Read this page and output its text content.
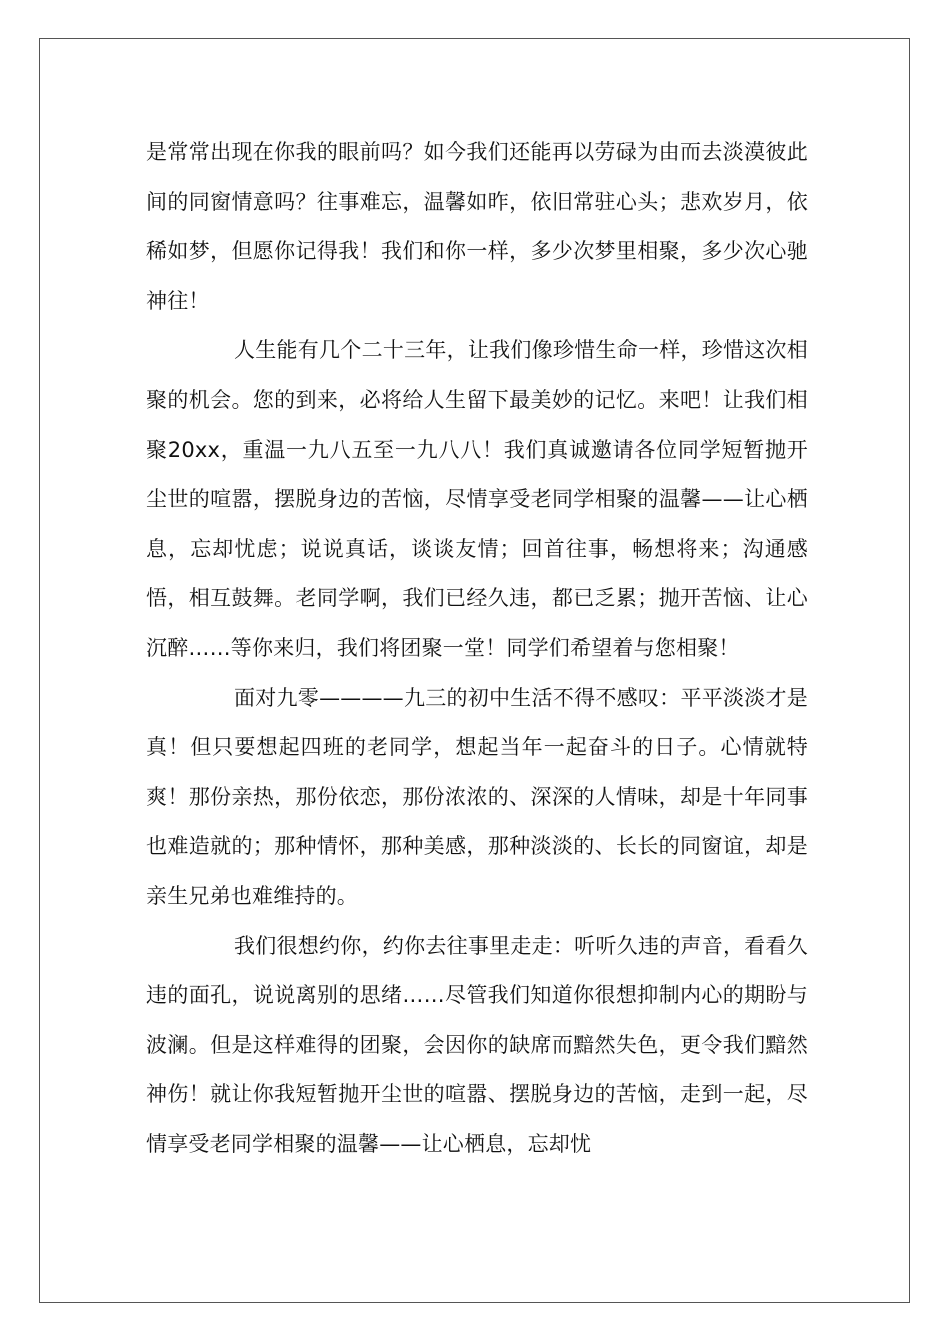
是常常出现在你我的眼前吗？如今我们还能再以劳碌为由而去淡漠彼此间的同窗情意吗？往事难忘，温馨如昨，依旧常驻心头；悲欢岁月，依稀如梦，但愿你记得我！我们和你一样，多少次梦里相聚，多少次心驰神往！

人生能有几个二十三年，让我们像珍惜生命一样，珍惜这次相聚的机会。您的到来，必将给人生留下最美妙的记忆。来吧！让我们相聚20xx，重温一九八五至一九八八！我们真诚邀请各位同学短暂抛开尘世的喧嚣，摆脱身边的苦恼，尽情享受老同学相聚的温馨——让心栖息，忘却忧虑；说说真话，谈谈友情；回首往事，畅想将来；沟通感悟，相互鼓舞。老同学啊，我们已经久违，都已乏累；抛开苦恼、让心沉醉……等你来归，我们将团聚一堂！同学们希望着与您相聚！

面对九零————九三的初中生活不得不感叹：平平淡淡才是真！但只要想起四班的老同学，想起当年一起奋斗的日子。心情就特爽！那份亲热，那份依恋，那份浓浓的、深深的人情味，却是十年同事也难造就的；那种情怀，那种美感，那种淡淡的、长长的同窗谊，却是亲生兄弟也难维持的。

我们很想约你，约你去往事里走走：听听久违的声音，看看久违的面孔，说说离别的思绪……尽管我们知道你很想抑制内心的期盼与波澜。但是这样难得的团聚，会因你的缺席而黯然失色，更令我们黯然神伤！就让你我短暂抛开尘世的喧嚣、摆脱身边的苦恼，走到一起，尽情享受老同学相聚的温馨——让心栖息，忘却忧
